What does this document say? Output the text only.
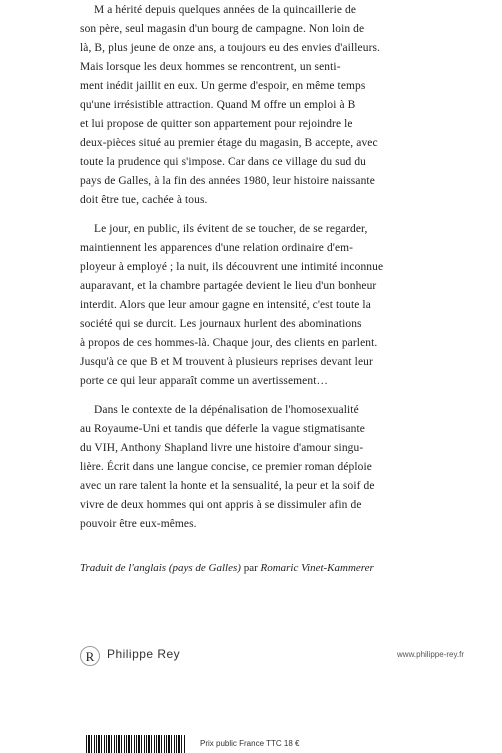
M a hérité depuis quelques années de la quincaillerie de
son père, seul magasin d'un bourg de campagne. Non loin de
là, B, plus jeune de onze ans, a toujours eu des envies d'ailleurs.
Mais lorsque les deux hommes se rencontrent, un senti-
ment inédit jaillit en eux. Un germe d'espoir, en même temps
qu'une irrésistible attraction. Quand M offre un emploi à B
et lui propose de quitter son appartement pour rejoindre le
deux-pièces situé au premier étage du magasin, B accepte, avec
toute la prudence qui s'impose. Car dans ce village du sud du
pays de Galles, à la fin des années 1980, leur histoire naissante
doit être tue, cachée à tous.

Le jour, en public, ils évitent de se toucher, de se regarder,
maintiennent les apparences d'une relation ordinaire d'em-
ployeur à employé ; la nuit, ils découvrent une intimité inconnue
auparavant, et la chambre partagée devient le lieu d'un bonheur
interdit. Alors que leur amour gagne en intensité, c'est toute la
société qui se durcit. Les journaux hurlent des abominations
à propos de ces hommes-là. Chaque jour, des clients en parlent.
Jusqu'à ce que B et M trouvent à plusieurs reprises devant leur
porte ce qui leur apparaît comme un avertissement…

Dans le contexte de la dépénalisation de l'homosexualité
au Royaume-Uni et tandis que déferle la vague stigmatisante
du VIH, Anthony Shapland livre une histoire d'amour singu-
lière. Écrit dans une langue concise, ce premier roman déploie
avec un rare talent la honte et la sensualité, la peur et la soif de
vivre de deux hommes qui ont appris à se dissimuler afin de
pouvoir être eux-mêmes.

Traduit de l'anglais (pays de Galles) par Romaric Vinet-Kammerer

R Philippe Rey	www.philippe-rey.fr
Prix public France TTC 18 €
